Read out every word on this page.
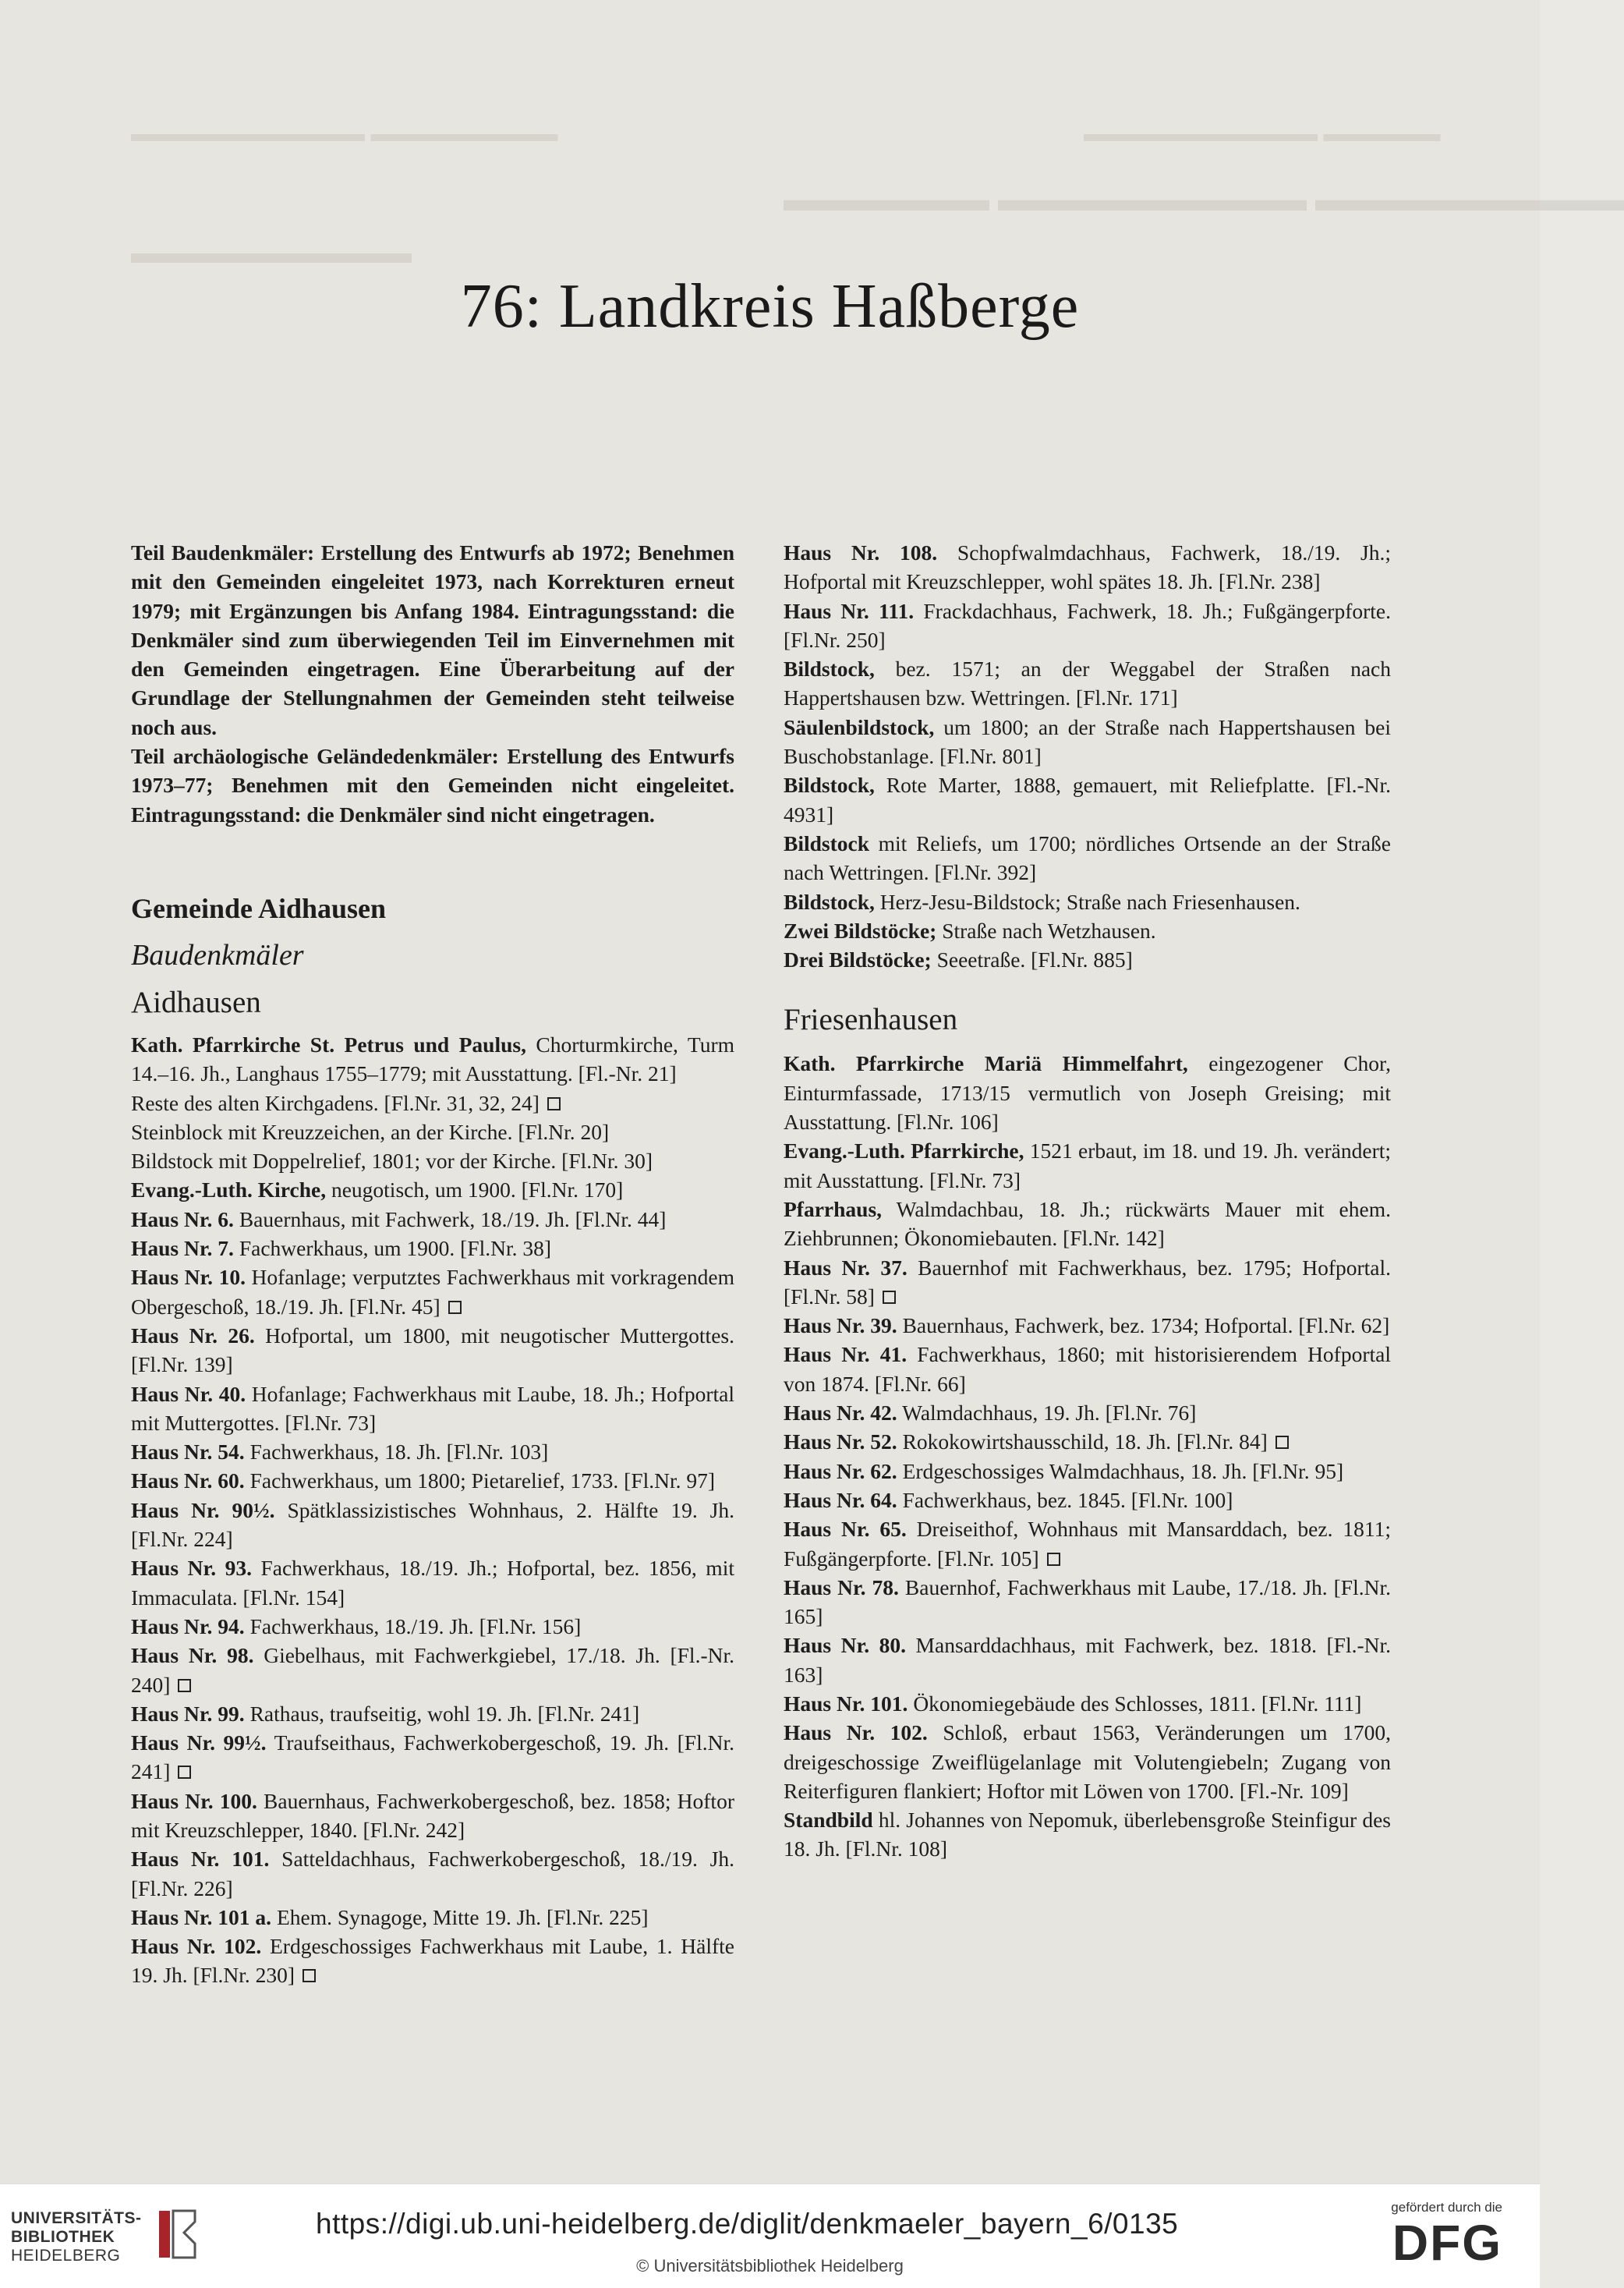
▬▬▬▬▬▬▬▬▬▬ ▬▬▬▬▬▬▬▬	▬▬▬▬▬▬▬▬▬▬ ▬▬▬▬▬
▬▬▬▬▬▬ ▬▬▬▬▬▬▬▬▬ ▬▬▬▬▬▬▬▬▬
▬▬▬▬▬▬▬▬▬
76: Landkreis Haßberge

Teil Baudenkmäler: Erstellung des Entwurfs ab 1972; Benehmen mit den Gemeinden eingeleitet 1973, nach Korrekturen erneut 1979; mit Ergänzungen bis Anfang 1984. Eintragungsstand: die Denkmäler sind zum überwiegenden Teil im Einvernehmen mit den Gemeinden eingetragen. Eine Überarbeitung auf der Grundlage der Stellungnahmen der Gemeinden steht teilweise noch aus.

Teil archäologische Geländedenkmäler: Erstellung des Entwurfs 1973–77; Benehmen mit den Gemeinden nicht eingeleitet. Eintragungsstand: die Denkmäler sind nicht eingetragen.

Gemeinde Aidhausen
Baudenkmäler
Aidhausen
Kath. Pfarrkirche St. Petrus und Paulus, Chorturmkirche, Turm 14.–16. Jh., Langhaus 1755–1779; mit Ausstattung. [Fl.-Nr. 21]
Reste des alten Kirchgadens. [Fl.Nr. 31, 32, 24]
Steinblock mit Kreuzzeichen, an der Kirche. [Fl.Nr. 20]
Bildstock mit Doppelrelief, 1801; vor der Kirche. [Fl.Nr. 30]
Evang.-Luth. Kirche, neugotisch, um 1900. [Fl.Nr. 170]
Haus Nr. 6. Bauernhaus, mit Fachwerk, 18./19. Jh. [Fl.Nr. 44]
Haus Nr. 7. Fachwerkhaus, um 1900. [Fl.Nr. 38]
Haus Nr. 10. Hofanlage; verputztes Fachwerkhaus mit vorkragendem Obergeschoß, 18./19. Jh. [Fl.Nr. 45]
Haus Nr. 26. Hofportal, um 1800, mit neugotischer Muttergottes. [Fl.Nr. 139]
Haus Nr. 40. Hofanlage; Fachwerkhaus mit Laube, 18. Jh.; Hofportal mit Muttergottes. [Fl.Nr. 73]
Haus Nr. 54. Fachwerkhaus, 18. Jh. [Fl.Nr. 103]
Haus Nr. 60. Fachwerkhaus, um 1800; Pietarelief, 1733. [Fl.Nr. 97]
Haus Nr. 90½. Spätklassizistisches Wohnhaus, 2. Hälfte 19. Jh. [Fl.Nr. 224]
Haus Nr. 93. Fachwerkhaus, 18./19. Jh.; Hofportal, bez. 1856, mit Immaculata. [Fl.Nr. 154]
Haus Nr. 94. Fachwerkhaus, 18./19. Jh. [Fl.Nr. 156]
Haus Nr. 98. Giebelhaus, mit Fachwerkgiebel, 17./18. Jh. [Fl.-Nr. 240]
Haus Nr. 99. Rathaus, traufseitig, wohl 19. Jh. [Fl.Nr. 241]
Haus Nr. 99½. Traufseithaus, Fachwerkobergeschoß, 19. Jh. [Fl.Nr. 241]
Haus Nr. 100. Bauernhaus, Fachwerkobergeschoß, bez. 1858; Hoftor mit Kreuzschlepper, 1840. [Fl.Nr. 242]
Haus Nr. 101. Satteldachhaus, Fachwerkobergeschoß, 18./19. Jh. [Fl.Nr. 226]
Haus Nr. 101 a. Ehem. Synagoge, Mitte 19. Jh. [Fl.Nr. 225]
Haus Nr. 102. Erdgeschossiges Fachwerkhaus mit Laube, 1. Hälfte 19. Jh. [Fl.Nr. 230]
Haus Nr. 108. Schopfwalmdachhaus, Fachwerk, 18./19. Jh.; Hofportal mit Kreuzschlepper, wohl spätes 18. Jh. [Fl.Nr. 238]
Haus Nr. 111. Frackdachhaus, Fachwerk, 18. Jh.; Fußgängerpforte. [Fl.Nr. 250]
Bildstock, bez. 1571; an der Weggabel der Straßen nach Happertshausen bzw. Wettringen. [Fl.Nr. 171]
Säulenbildstock, um 1800; an der Straße nach Happertshausen bei Buschobstanlage. [Fl.Nr. 801]
Bildstock, Rote Marter, 1888, gemauert, mit Reliefplatte. [Fl.-Nr. 4931]
Bildstock mit Reliefs, um 1700; nördliches Ortsende an der Straße nach Wettringen. [Fl.Nr. 392]
Bildstock, Herz-Jesu-Bildstock; Straße nach Friesenhausen.
Zwei Bildstöcke; Straße nach Wetzhausen.
Drei Bildstöcke; Seeetraße. [Fl.Nr. 885]
Friesenhausen
Kath. Pfarrkirche Mariä Himmelfahrt, eingezogener Chor, Einturmfassade, 1713/15 vermutlich von Joseph Greising; mit Ausstattung. [Fl.Nr. 106]
Evang.-Luth. Pfarrkirche, 1521 erbaut, im 18. und 19. Jh. verändert; mit Ausstattung. [Fl.Nr. 73]
Pfarrhaus, Walmdachbau, 18. Jh.; rückwärts Mauer mit ehem. Ziehbrunnen; Ökonomiebauten. [Fl.Nr. 142]
Haus Nr. 37. Bauernhof mit Fachwerkhaus, bez. 1795; Hofportal. [Fl.Nr. 58]
Haus Nr. 39. Bauernhaus, Fachwerk, bez. 1734; Hofportal. [Fl.Nr. 62]
Haus Nr. 41. Fachwerkhaus, 1860; mit historisierendem Hofportal von 1874. [Fl.Nr. 66]
Haus Nr. 42. Walmdachhaus, 19. Jh. [Fl.Nr. 76]
Haus Nr. 52. Rokokowirtshausschild, 18. Jh. [Fl.Nr. 84]
Haus Nr. 62. Erdgeschossiges Walmdachhaus, 18. Jh. [Fl.Nr. 95]
Haus Nr. 64. Fachwerkhaus, bez. 1845. [Fl.Nr. 100]
Haus Nr. 65. Dreiseithof, Wohnhaus mit Mansarddach, bez. 1811; Fußgängerpforte. [Fl.Nr. 105]
Haus Nr. 78. Bauernhof, Fachwerkhaus mit Laube, 17./18. Jh. [Fl.Nr. 165]
Haus Nr. 80. Mansarddachhaus, mit Fachwerk, bez. 1818. [Fl.-Nr. 163]
Haus Nr. 101. Ökonomiegebäude des Schlosses, 1811. [Fl.Nr. 111]
Haus Nr. 102. Schloß, erbaut 1563, Veränderungen um 1700, dreigeschossige Zweiflügelanlage mit Volutengiebeln; Zugang von Reiterfiguren flankiert; Hoftor mit Löwen von 1700. [Fl.-Nr. 109]
Standbild hl. Johannes von Nepomuk, überlebensgroße Steinfigur des 18. Jh. [Fl.Nr. 108]
UNIVERSITÄTS-
BIBLIOTHEK
HEIDELBERG
https://digi.ub.uni-heidelberg.de/diglit/denkmaeler_bayern_6/0135
© Universitätsbibliothek Heidelberg
gefördert durch die
DFG
